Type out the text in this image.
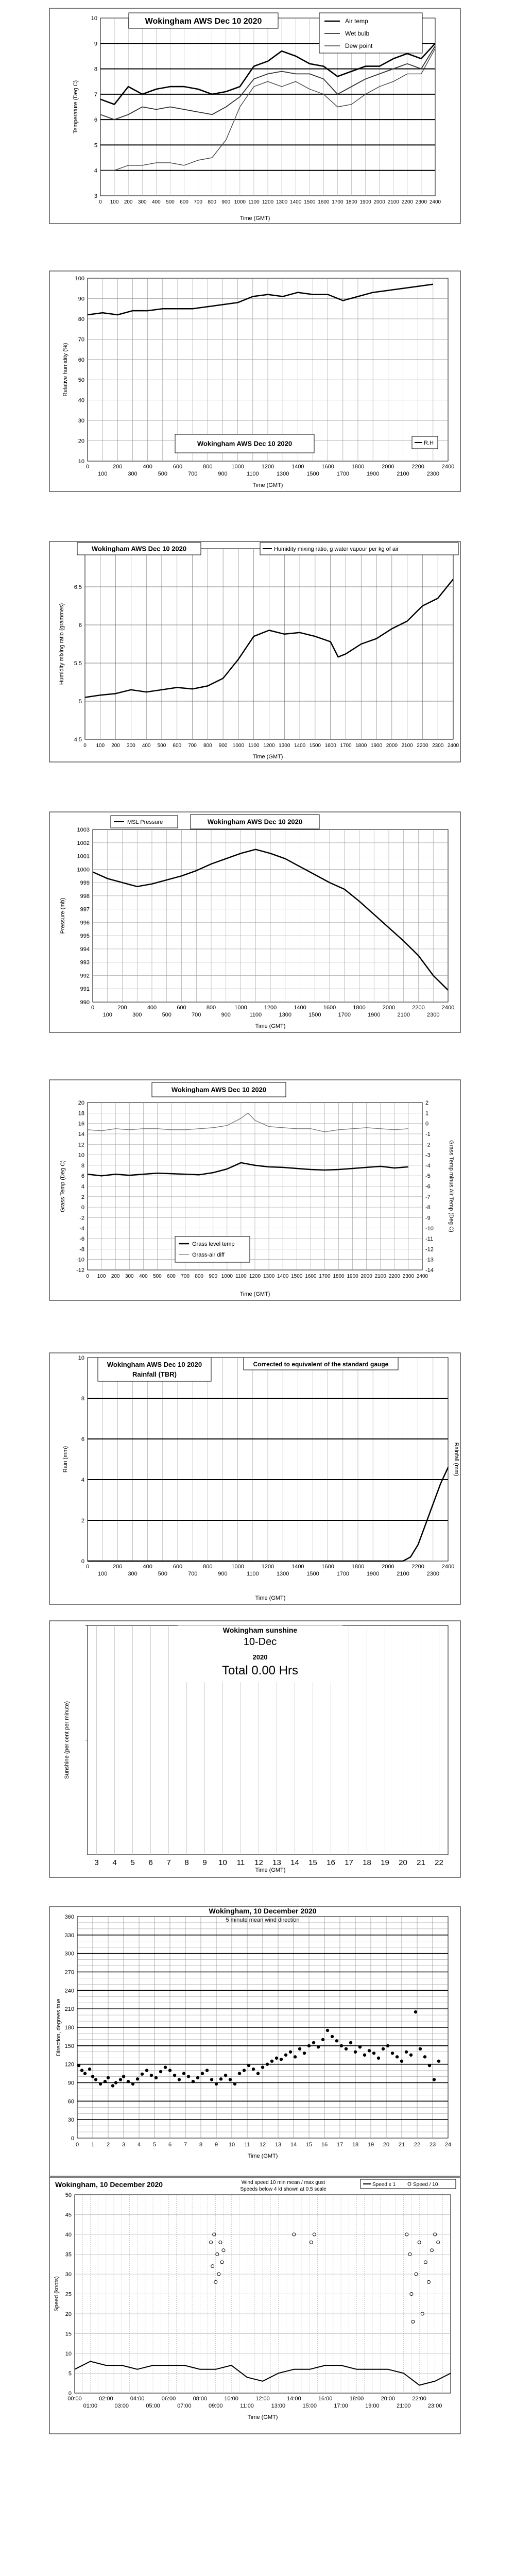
3
4
5
6
7
8
9
10
0 100 200 300 400 500 600 700 800 900 1000 1100 1200 1300 1400 1500 1600 1700 1800 1900 2000 2100 2200 2300 2400
Time (GMT)
Temperature (Deg C)
Wokingham AWS Dec 10 2020	Air temp
Wet bulb
Dew point
10
20
30
40
50
60
70
80
90
100
0	200	400	600	800	1000	1200	1400	1600	1800	2000	2200	2400
100	300	500	700	900	1100	1300	1500	1700	1900	2100	2300
Time (GMT)
Relative humidity (%)
Wokingham AWS Dec 10 2020	R.H
4.5
5
5.5
6
6.5
0 100 200 300 400 500 600 700 800 900 1000 1100 1200 1300 1400 1500 1600 1700 1800 1900 2000 2100 2200 2300 2400
Time (GMT)
Humidity mixing ratio (grammes)
Wokingham AWS Dec 10 2020	Humidity mixing ratio, g water vapour per kg of air
990
991
992
993
994
995
996
997
998
999
1000
1001
1002
1003
0	200	400	600	800	1000	1200	1400	1600	1800	2000	2200	2400
100	300	500	700	900	1100	1300	1500	1700	1900	2100	2300
Time (GMT)
Pressure (mb)
MSL Pressure	Wokingham AWS Dec 10 2020
20
18
16
14
12
10
8
6
4
2
0
-2
-4
-6
-8
-10
-12
2
1
0
-1
-2
-3
-4
-5
-6
-7
-8
-9
-10
-11
-12
-13
-14
0 100 200 300 400 500 600 700 800 900 1000 1100 1200 1300 1400 1500 1600 1700 1800 1900 2000 2100 2200 2300 2400
Time (GMT)
Grass Temp (Deg C)	Grass Temp minus Air Temp (Deg C)
Wokingham AWS Dec 10 2020
Grass level temp
Grass-air diff
0
2
4
6
8
10
0	200	400	600	800	1000	1200	1400	1600	1800	2000	2200	2400
100	300	500	700	900	1100	1300	1500	1700	1900	2100	2300
Time (GMT)
Rain (mm)	Rainfall (mm)
Wokingham AWS Dec 10 2020
Rainfall (TBR)
Corrected to equivalent of the standard gauge
3 4 5 6 7 8 9 10 11 12 13 14 15 16 17 18 19 20 21 22
Time (GMT)
Sunshine (per cent per minute)
Wokingham sunshine
10-Dec
2020
Total 0.00 Hrs
0
30
60
90
120
150
180
210
240
270
300
330
360
0 1 2 3 4 5 6 7 8 9 10 11 12 13 14 15 16 17 18 19 20 21 22 23 24
Time (GMT)
Direction, degrees true
Wokingham, 10 December 2020
5 minute mean wind direction
0
5
10
15
20
25
30
35
40
45
50
00:00	02:00	04:00	06:00	08:00	10:00	12:00	14:00	16:00	18:00	20:00	22:00
01:00	03:00	05:00	07:00	09:00	11:00	13:00	15:00	17:00	19:00	21:00	23:00
Time (GMT)
Speed (knots)
Wokingham, 10 December 2020	Wind speed 10 min mean / max gust
Speeds below 4 kt shown at 0.5 scale
Speed x 1	Speed / 10
